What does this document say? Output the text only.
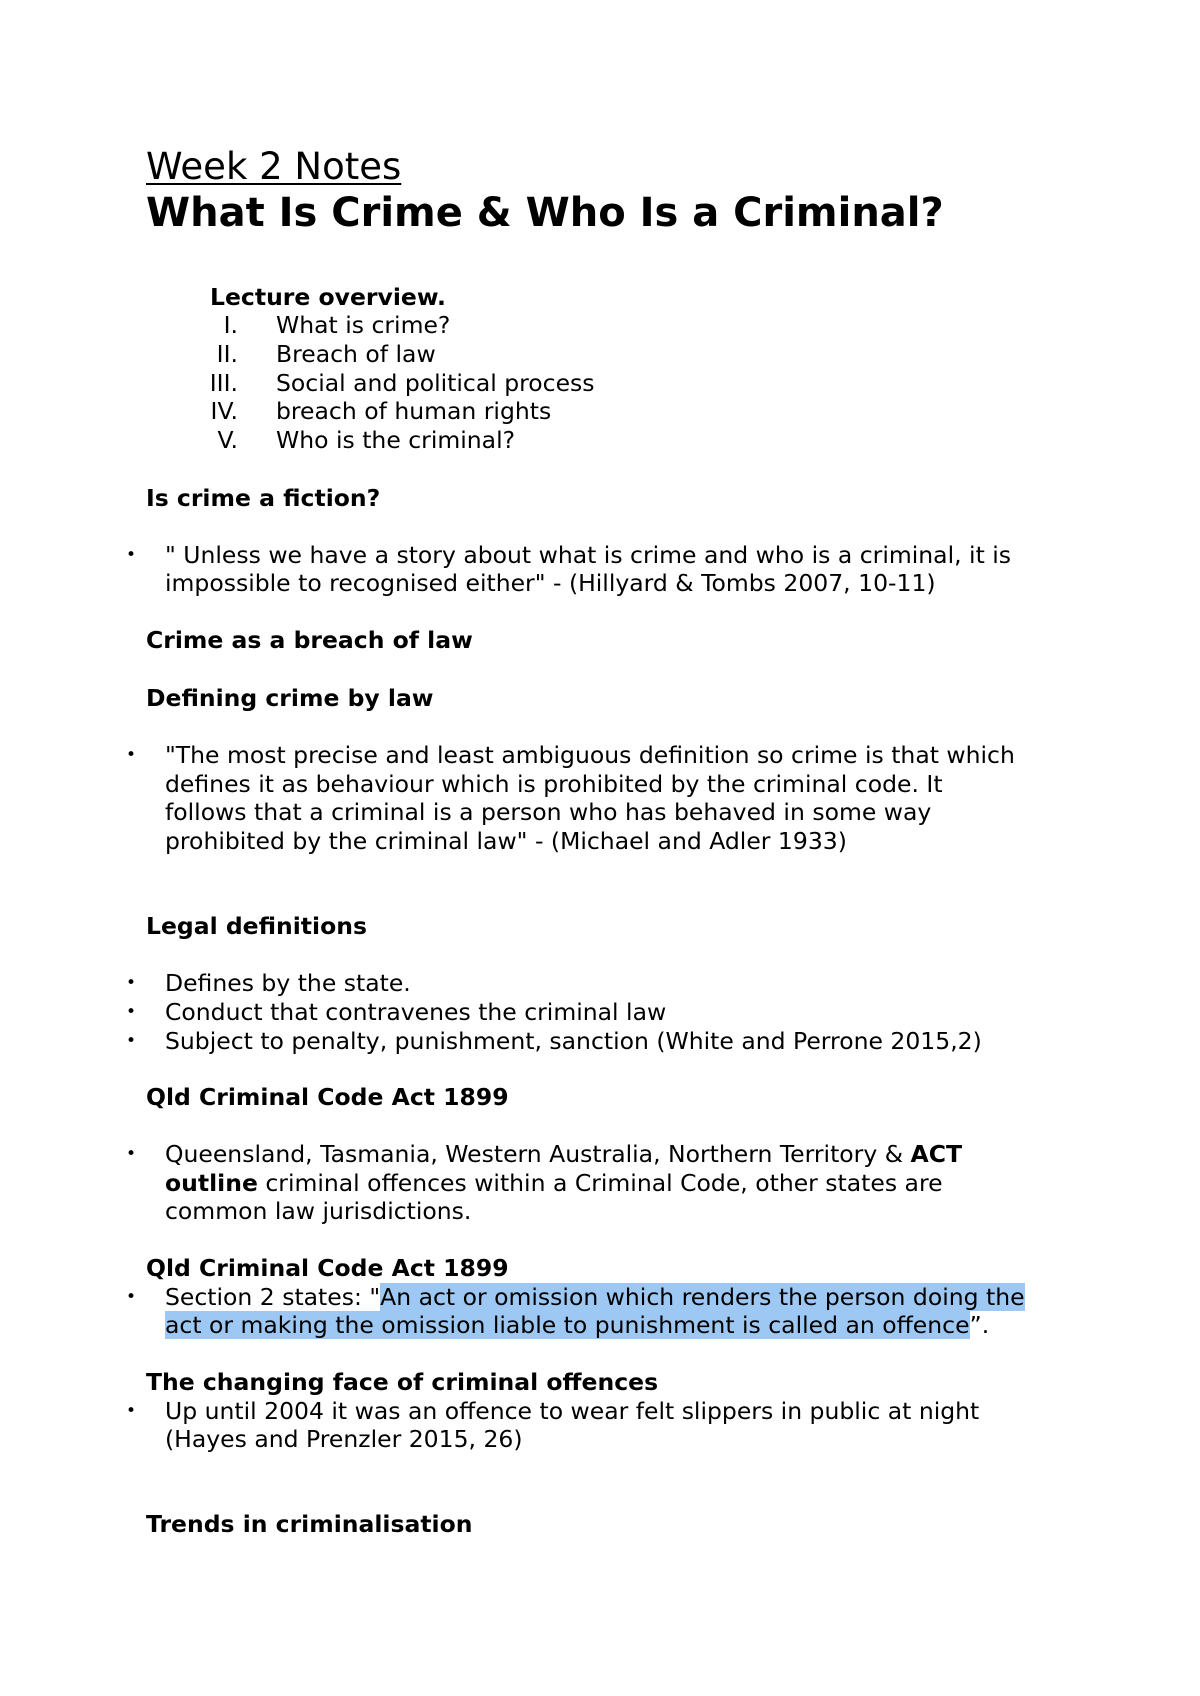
Week 2 Notes
What Is Crime & Who Is a Criminal?
Lecture overview.
I. What is crime?
II. Breach of law
III. Social and political process
IV. breach of human rights
V. Who is the criminal?
Is crime a fiction?
• " Unless we have a story about what is crime and who is a criminal, it is
impossible to recognised either" - (Hillyard & Tombs 2007, 10-11)
Crime as a breach of law
Defining crime by law
• "The most precise and least ambiguous definition so crime is that which
defines it as behaviour which is prohibited by the criminal code. It
follows that a criminal is a person who has behaved in some way
prohibited by the criminal law" - (Michael and Adler 1933)
Legal definitions
• Defines by the state.
• Conduct that contravenes the criminal law
• Subject to penalty, punishment, sanction (White and Perrone 2015,2)
Qld Criminal Code Act 1899
• Queensland, Tasmania, Western Australia, Northern Territory & ACT
outline criminal offences within a Criminal Code, other states are
common law jurisdictions.
Qld Criminal Code Act 1899
• Section 2 states: "An act or omission which renders the person doing the
act or making the omission liable to punishment is called an offence”.
The changing face of criminal offences
• Up until 2004 it was an offence to wear felt slippers in public at night
(Hayes and Prenzler 2015, 26)
Trends in criminalisation
